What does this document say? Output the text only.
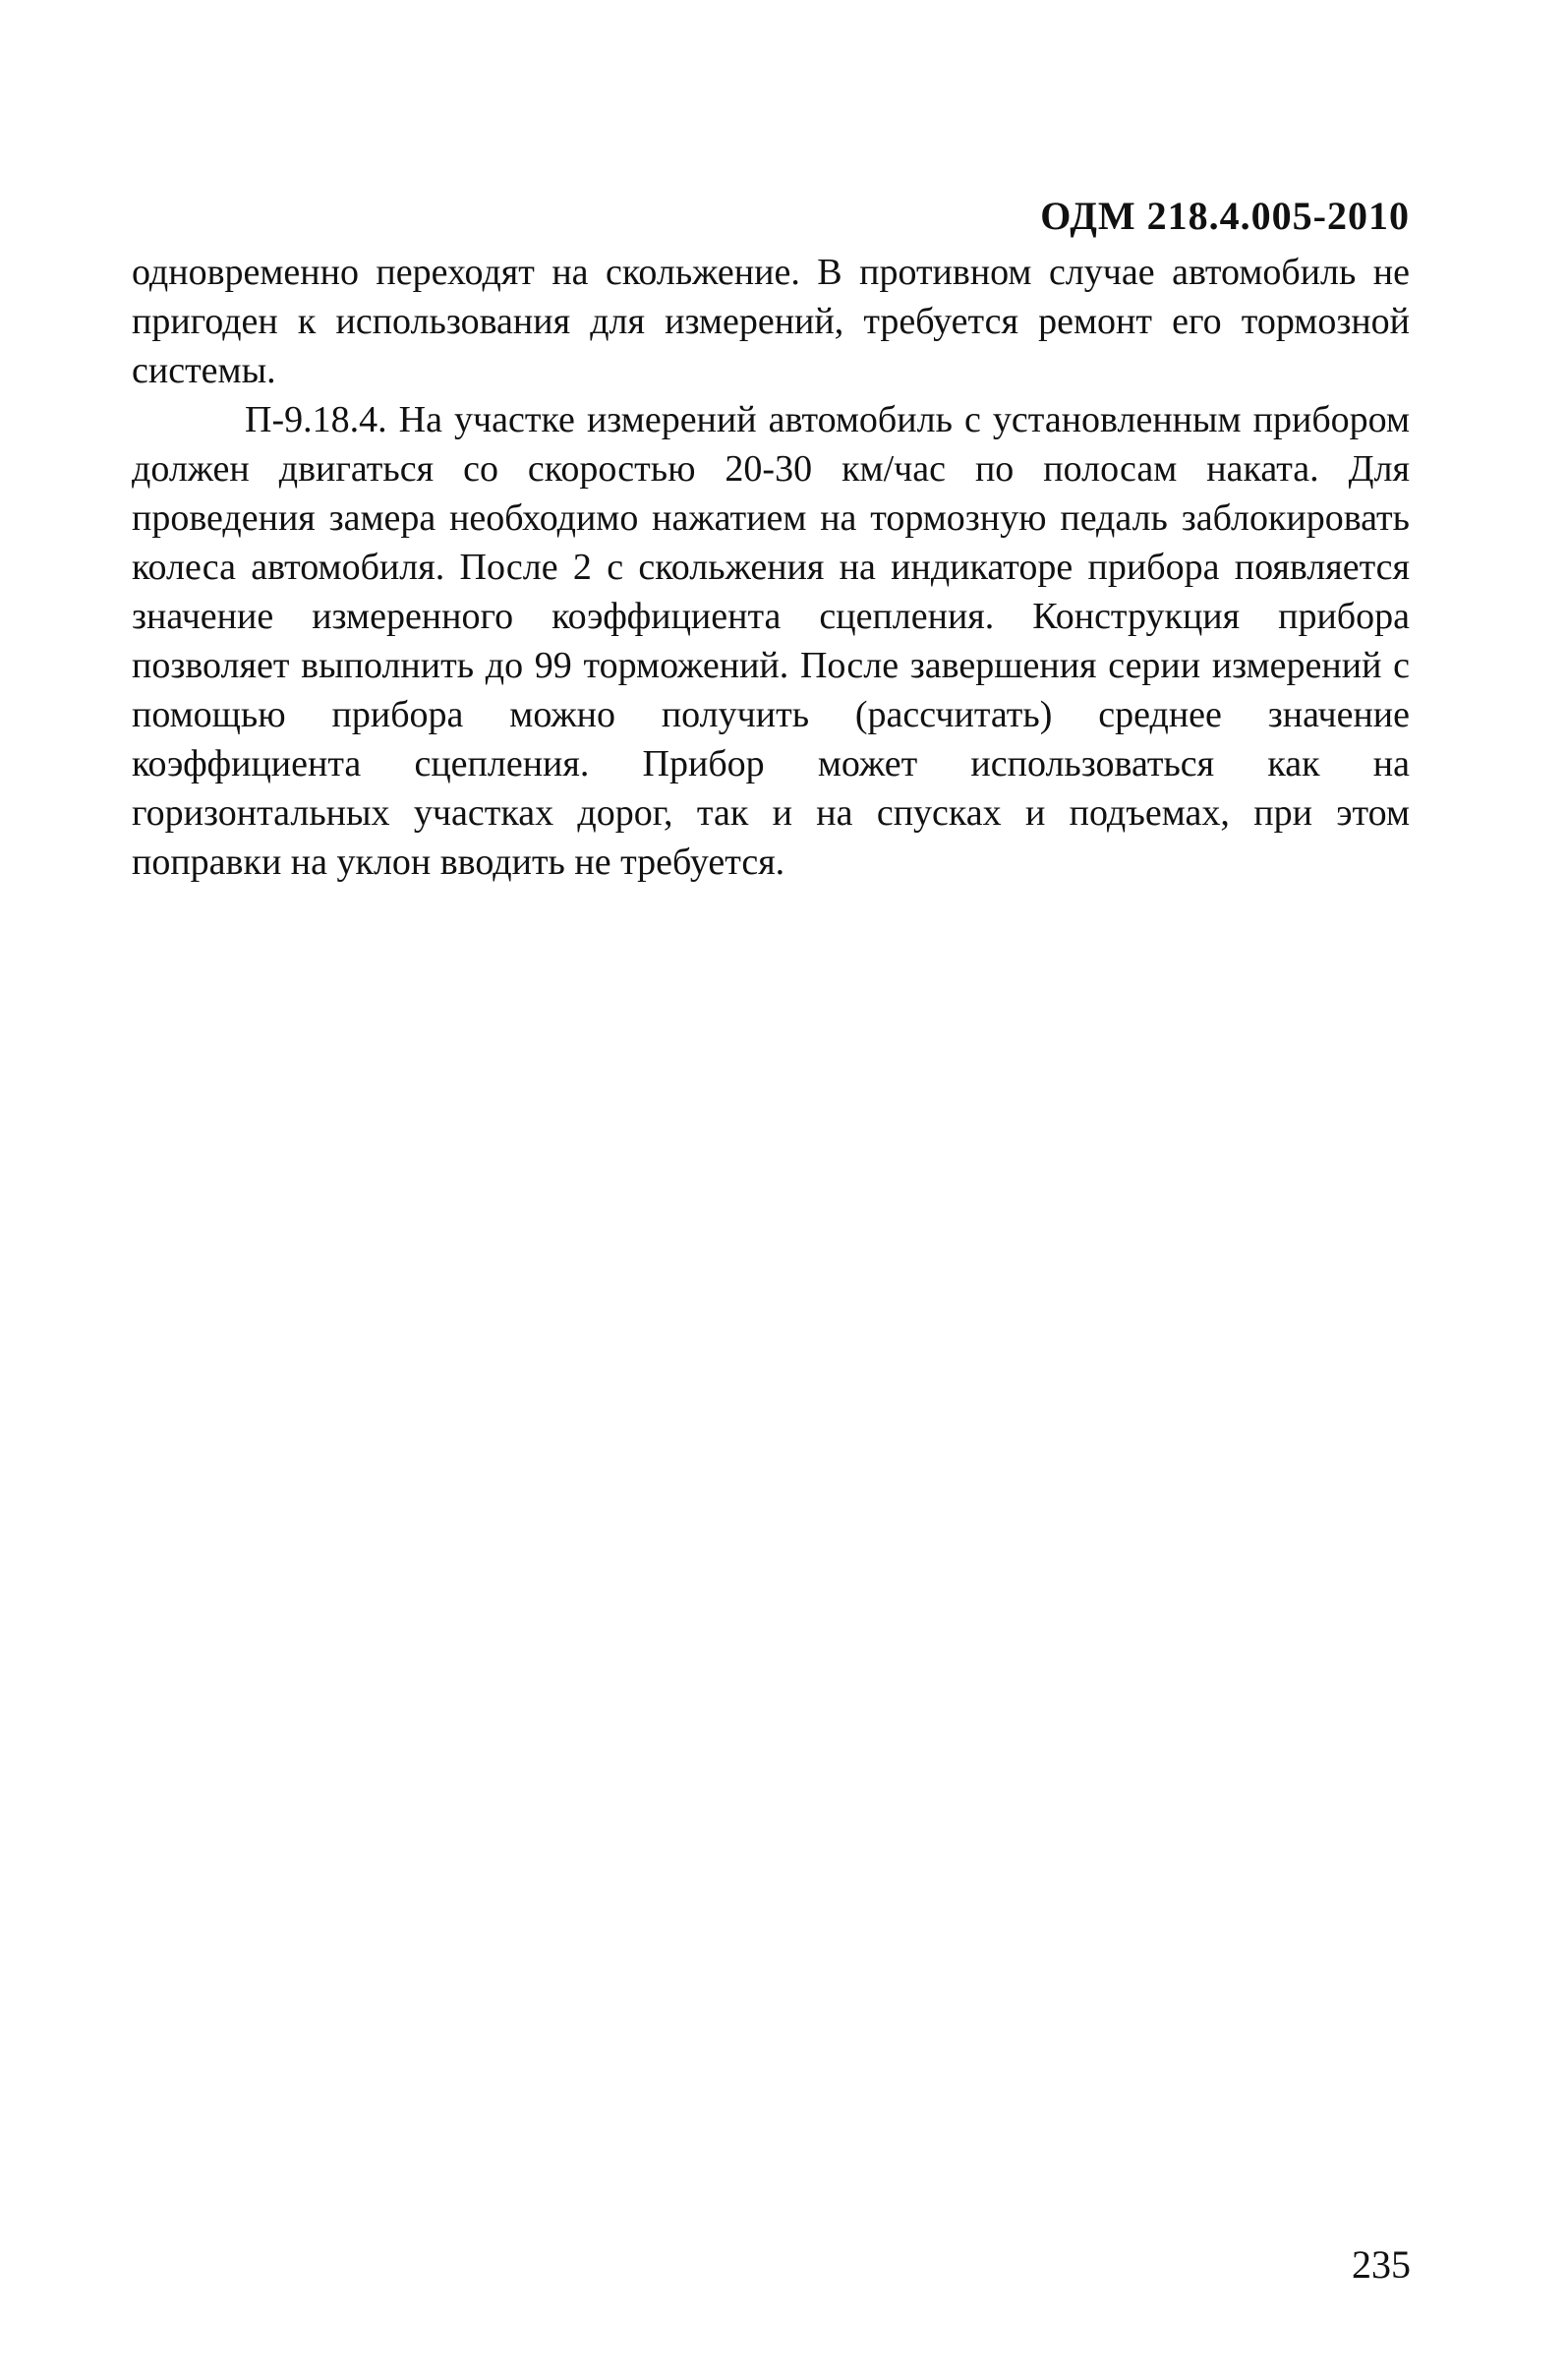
ОДМ 218.4.005-2010

одновременно переходят на скольжение. В противном случае автомобиль не пригоден к использования для измерений, требуется ремонт его тормозной системы.

П-9.18.4. На участке измерений автомобиль с установленным прибором должен двигаться со скоростью 20-30 км/час по полосам наката. Для проведения замера необходимо нажатием на тормозную педаль заблокировать колеса автомобиля. После 2 с скольжения на индикаторе прибора появляется значение измеренного коэффициента сцепления. Конструкция прибора позволяет выполнить до 99 торможений. После завершения серии измерений с помощью прибора можно получить (рассчитать) среднее значение коэффициента сцепления. Прибор может использоваться как на горизонтальных участках дорог, так и на спусках и подъемах, при этом поправки на уклон вводить не требуется.

235
